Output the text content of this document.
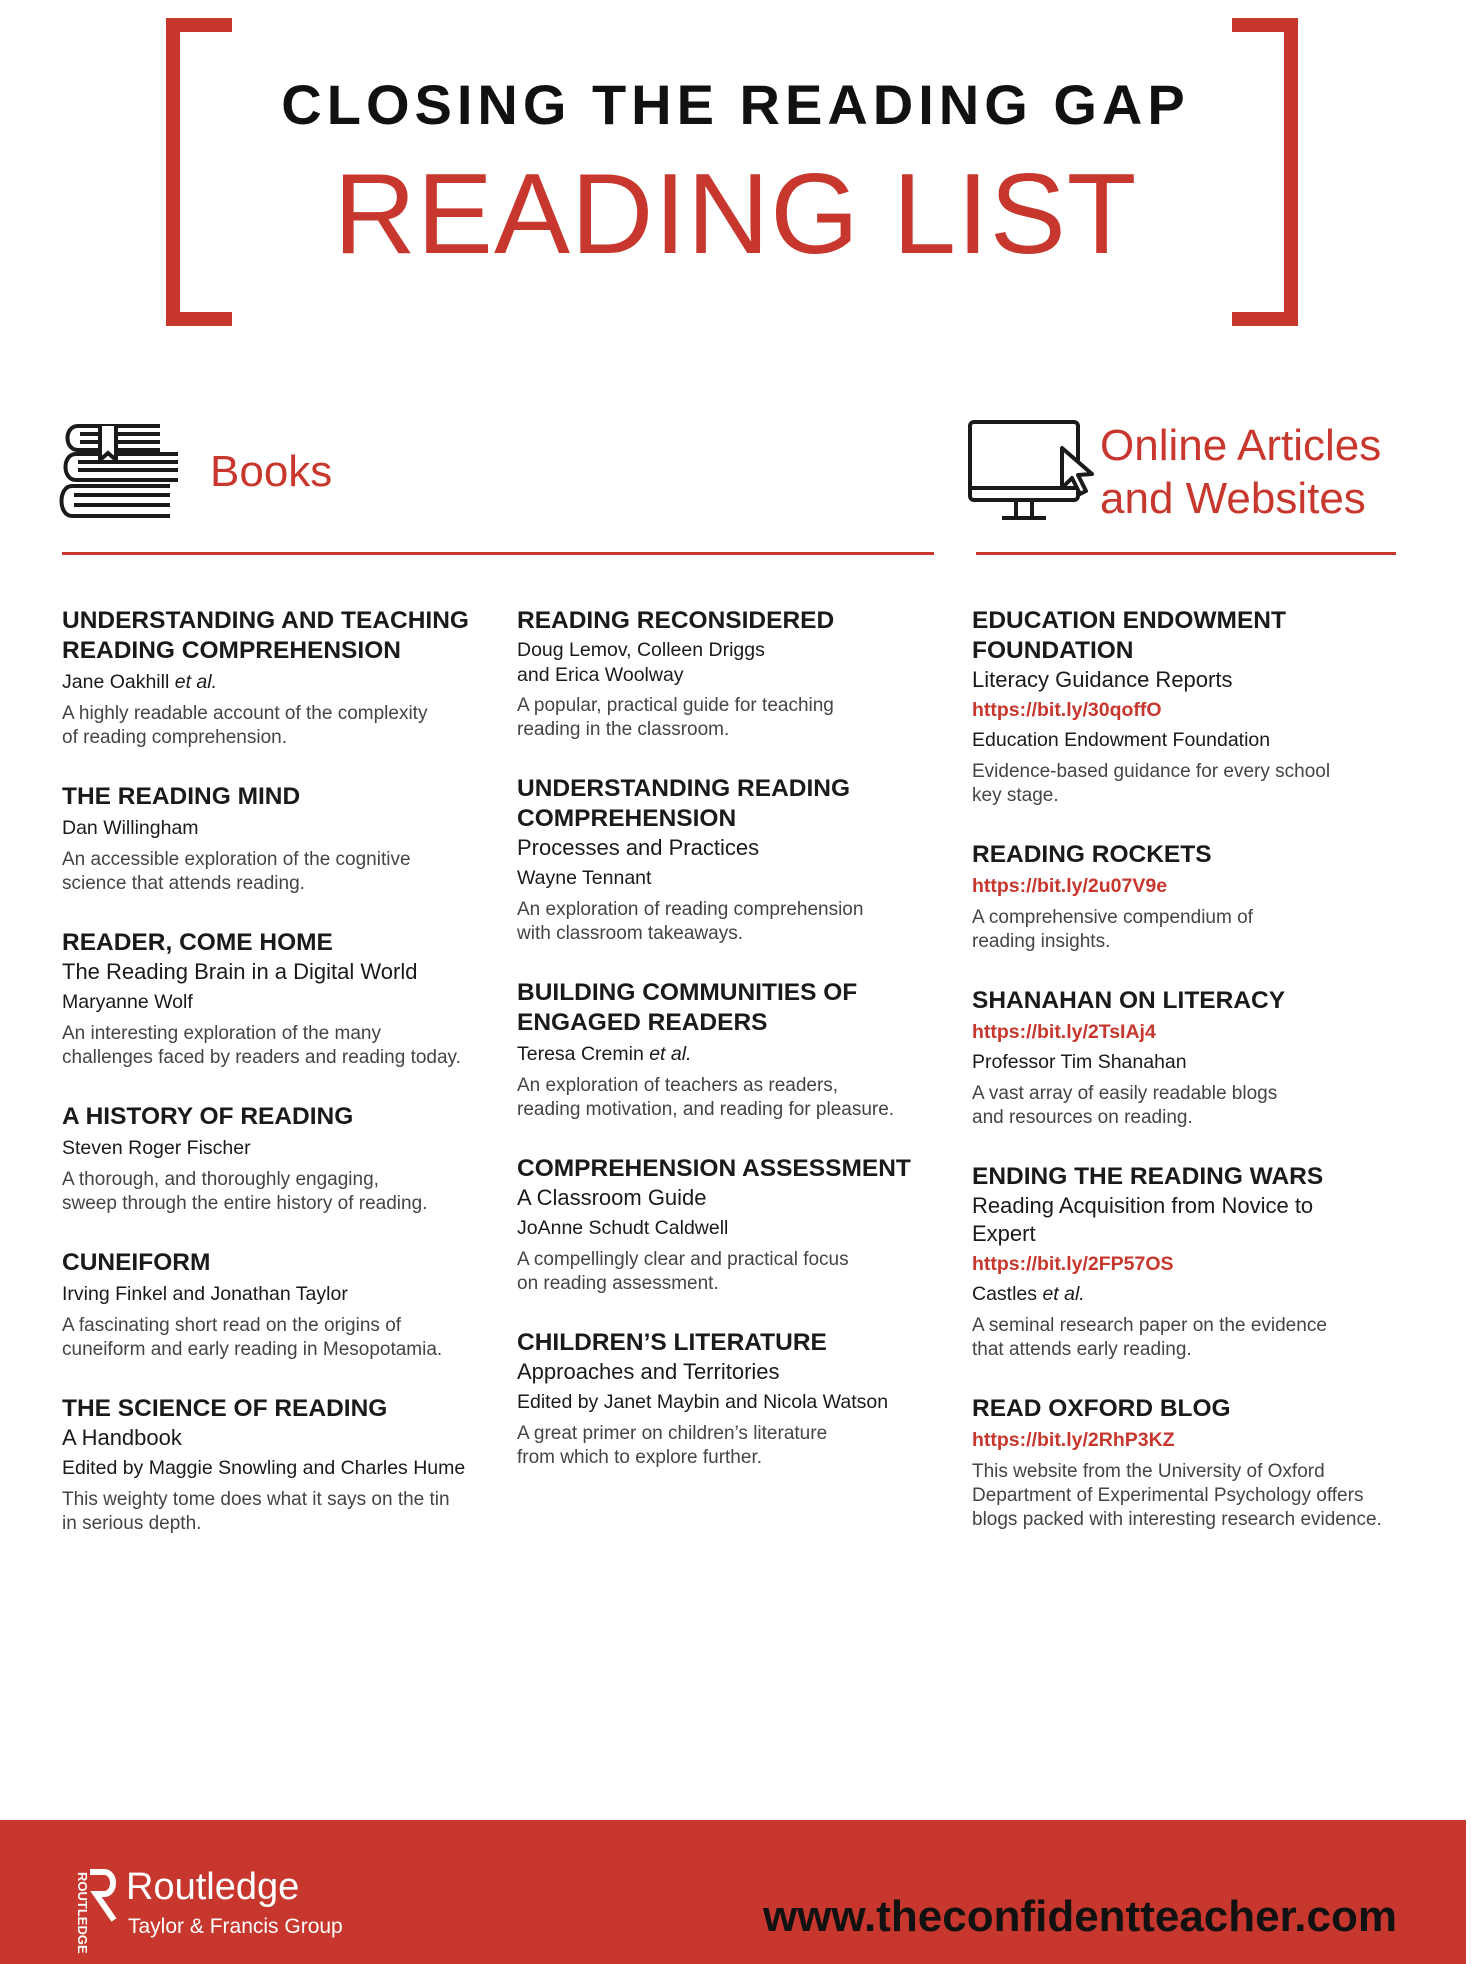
CLOSING THE READING GAP
READING LIST
Books
Online Articles
and Websites
UNDERSTANDING AND TEACHING
READING COMPREHENSION
Jane Oakhill et al.
A highly readable account of the complexity
of reading comprehension.
THE READING MIND
Dan Willingham
An accessible exploration of the cognitive
science that attends reading.
READER, COME HOME
The Reading Brain in a Digital World
Maryanne Wolf
An interesting exploration of the many
challenges faced by readers and reading today.
A HISTORY OF READING
Steven Roger Fischer
A thorough, and thoroughly engaging,
sweep through the entire history of reading.
CUNEIFORM
Irving Finkel and Jonathan Taylor
A fascinating short read on the origins of
cuneiform and early reading in Mesopotamia.
THE SCIENCE OF READING
A Handbook
Edited by Maggie Snowling and Charles Hume
This weighty tome does what it says on the tin
in serious depth.
READING RECONSIDERED
Doug Lemov, Colleen Driggs
and Erica Woolway
A popular, practical guide for teaching
reading in the classroom.
UNDERSTANDING READING
COMPREHENSION
Processes and Practices
Wayne Tennant
An exploration of reading comprehension
with classroom takeaways.
BUILDING COMMUNITIES OF
ENGAGED READERS
Teresa Cremin et al.
An exploration of teachers as readers,
reading motivation, and reading for pleasure.
COMPREHENSION ASSESSMENT
A Classroom Guide
JoAnne Schudt Caldwell
A compellingly clear and practical focus
on reading assessment.
CHILDREN’S LITERATURE
Approaches and Territories
Edited by Janet Maybin and Nicola Watson
A great primer on children’s literature
from which to explore further.
EDUCATION ENDOWMENT
FOUNDATION
Literacy Guidance Reports
https://bit.ly/30qoffO
Education Endowment Foundation
Evidence-based guidance for every school
key stage.
READING ROCKETS
https://bit.ly/2u07V9e
A comprehensive compendium of
reading insights.
SHANAHAN ON LITERACY
https://bit.ly/2TsIAj4
Professor Tim Shanahan
A vast array of easily readable blogs
and resources on reading.
ENDING THE READING WARS
Reading Acquisition from Novice to
Expert
https://bit.ly/2FP57OS
Castles et al.
A seminal research paper on the evidence
that attends early reading.
READ OXFORD BLOG
https://bit.ly/2RhP3KZ
This website from the University of Oxford
Department of Experimental Psychology offers
blogs packed with interesting research evidence.
ROUTLEDGE Routledge
Taylor & Francis Group	www.theconfidentteacher.com
